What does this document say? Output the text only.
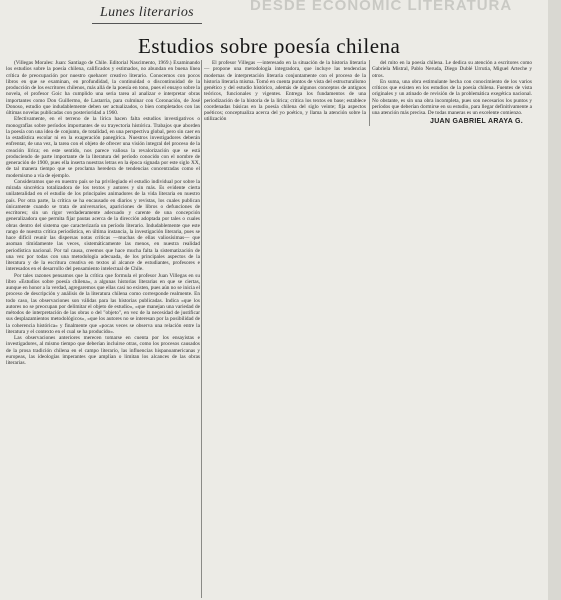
DESDE ECONOMIC LITERATURA
Lunes literarios
Estudios sobre poesía chilena

(Villegas Morales: Juan: Santiago de Chile. Editorial Nascimento, 1969.) Examinando los estudios sobre la poesía chilena, calificados y estimados, no abundan en buena línea crítica de preocupación por nuestro quehacer creativo literario. Conocemos con pocos libros en que se examinan, en profundidad, la continuidad o discontinuidad de la producción de los escritores chilenos, más allá de la poesía en tono, pues el ensayo sobre la novela, el profesor Goic ha cumplido una seria tarea al analizar e interpretar obras importantes como Don Guillermo, de Lastarria, para culminar con Coronación, de José Donoso, estudio que indudablemente deben ser actualizados, o bien completados con las últimas novelas publicadas con posterioridad a 1960.

Efectivamente, en el terreno de la lírica hacen falta estudios investigativos o monografías sobre períodos importantes de su trayectoria histórica. Trabajos que aborden la poesía con una idea de conjunto, de totalidad, en una perspectiva global, pero sin caer en la estadística escolar ni en la exageración panegírica. Nuestros investigadores deberán enfrentar, de una vez, la tarea con el objeto de ofrecer una visión integral del proceso de la creación lírica; en este sentido, nos parece valiosa la revalorización que se está produciendo de parte importante de la literatura del período conocido con el nombre de generación de 1900, pues ella inserta nuestras letras en la época signada por este siglo XX, de tal manera tiempo que se proclama heredera de tendencias concentradas como el modernismo a vía de ejemplo.

Consideramos que en nuestro país se ha privilegiado el estudio individual por sobre la mirada sincrética totalizadora de los textos y autores y sin más. Es evidente cierta unilateralidad en el estudio de los principales animadores de la vida literaria en nuestro país. Por otra parte, la crítica se ha encausado en diarios y revistas, los cuales publican únicamente cuando se trata de aniversarios, apariciones de libros o defunciones de escritores; sin un rigor verdaderamente adecuado y carente de una concepción generalizadora que permita fijar pautas acerca de la dirección adoptada por tales o cuales obras dentro del sistema que caracterizaría un período literario. Indudablemente que este rango de nuestra crítica periodística, en última instancia, la investigación literaria, pues se hace difícil reunir las dispersas notas críticas —muchas de ellas valiosísimas— que asoman tímidamente las veces, sistemáticamente las menos, en nuestra realidad periodística nacional. Por tal causa, creemos que hace mucha falta la sistematización de una vez por todas con una metodología adecuada, de los principales aspectos de la literatura y de la escritura creativa en textos al alcance de estudiantes, profesores e interesados en el desarrollo del pensamiento intelectual de Chile.

Por tales razones pensamos que la crítica que formula el profesor Juan Villegas en su libro «Estudios sobre poesía chilena», a algunas historias literarias en que se ciertas, aunque en honor a la verdad, agregaremos que ellas casi no existen, pues aún no se inicia el proceso de descripción y análisis de la literatura chilena como corresponde realmente. En todo caso, las observaciones son válidas para las historias publicadas. Indica «que los autores no se preocupan por delimitar el objeto de estudio», «que manejan una variedad de métodos de interpretación de las obras o del "objeto", en vez de la necesidad de justificar sus desplazamientos metodológicos», «que los autores no se interesan por la posibilidad de la coherencia histórica» y finalmente que «pocas veces se observa una relación entre la literatura y el contexto en el cual se ha producido».

Las observaciones anteriores merecen tomarse en cuenta por los ensayistas e investigadores, al mismo tiempo que deberían incluirse otras, como los procesos causados de la prosa tradición chilena en el campo literario, las influencias hispanoamericanas y europeas, las ideologías imperantes que amplían o limitan los alcances de las obras literarias.

El profesor Villegas —interesado en la situación de la historia literaria— propone una metodología integradora, que incluye las tendencias modernas de interpretación literaria conjuntamente con el proceso de la historia literaria misma. Tomó en cuenta puntos de vista del estructuralismo genético y del estudio histórico, además de algunos conceptos de antiguos teóricos, funcionales y vigentes. Entrega los fundamentos de una periodización de la historia de la lírica; critica los textos en base; establece coordenadas básicas en la poesía chilena del siglo veinte; fija aspectos poéticos; conceptualiza acerca del yo poético, y llama la atención sobre la utilización

del mito en la poesía chilena. Le dedica su atención a escritores como Gabriela Mistral, Pablo Neruda, Diego Dublé Urrutia, Miguel Arteche y otros.

En suma, una obra estimulante hecha con conocimiento de los varios críticos que existen en los estudios de la poesía chilena. Fuentes de vista originales y un atinado de revisión de la problemática exegética nacional. No obstante, es sin una obra incompleta, pues son necesarios los puntos y períodos que deberían dormirse en su estudio, para llegar definitivamente a una atención más precisa. De todas maneras es un excelente comienzo.

JUAN GABRIEL ARAYA G.
